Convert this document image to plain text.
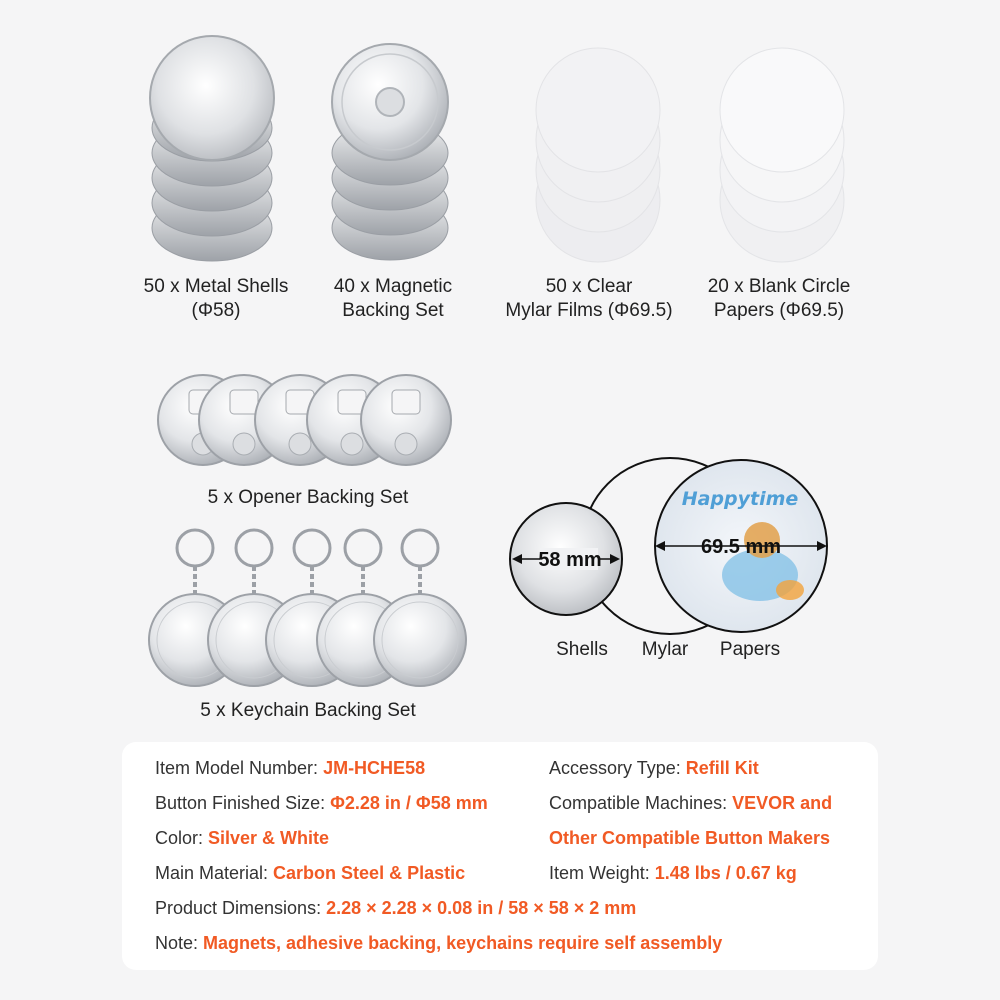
Happytime
58 mm
69.5 mm
50 x Metal Shells
(Φ58)
40 x Magnetic
Backing Set
50 x Clear
Mylar Films (Φ69.5)
20 x Blank Circle
Papers (Φ69.5)
5 x Opener Backing Set
5 x Keychain Backing Set
Shells	Mylar	Papers
Item Model Number: JM-HCHE58
Button Finished Size: Φ2.28 in / Φ58 mm
Color: Silver & White
Main Material: Carbon Steel & Plastic
Product Dimensions: 2.28 × 2.28 × 0.08 in / 58 × 58 × 2 mm
Note: Magnets, adhesive backing, keychains require self assembly
Accessory Type: Refill Kit
Compatible Machines: VEVOR and
Other Compatible Button Makers
Item Weight: 1.48 lbs / 0.67 kg
